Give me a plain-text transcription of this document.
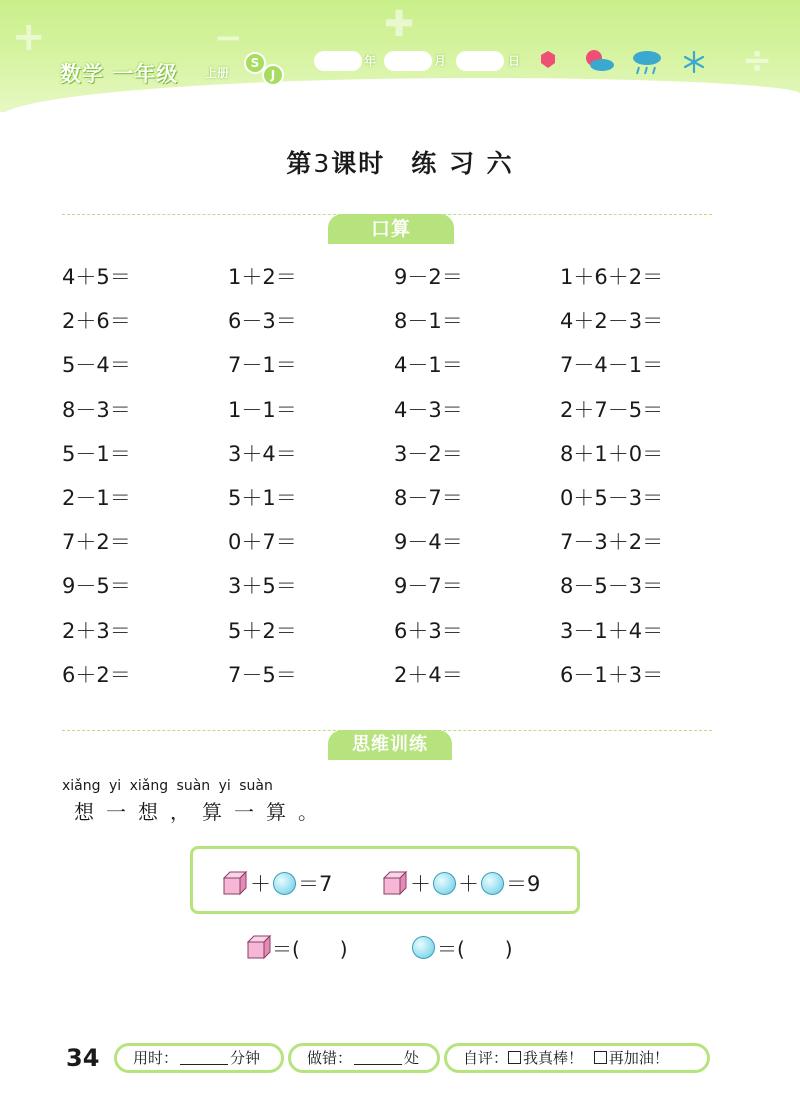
+	−	✚
÷
数学 一年级 上册
S
J
年	月	日
第3课时 练 习 六
口算
4＋5＝	1＋2＝	9－2＝	1＋6＋2＝
2＋6＝	6－3＝	8－1＝	4＋2－3＝
5－4＝	7－1＝	4－1＝	7－4－1＝
8－3＝	1－1＝	4－3＝	2＋7－5＝
5－1＝	3＋4＝	3－2＝	8＋1＋0＝
2－1＝	5＋1＝	8－7＝	0＋5－3＝
7＋2＝	0＋7＝	9－4＝	7－3＋2＝
9－5＝	3＋5＝	9－7＝	8－5－3＝
2＋3＝	5＋2＝	6＋3＝	3－1＋4＝
6＋2＝	7－5＝	2＋4＝	6－1＋3＝
思维训练
xiǎng yi xiǎng suàn yi suàn
想一想，算一算。
＋ ＝7	＋ ＋ ＝9
＝(　　)	＝(　　)
34	用时：	分钟	做错：	处	自评： 我真棒！ 再加油！
